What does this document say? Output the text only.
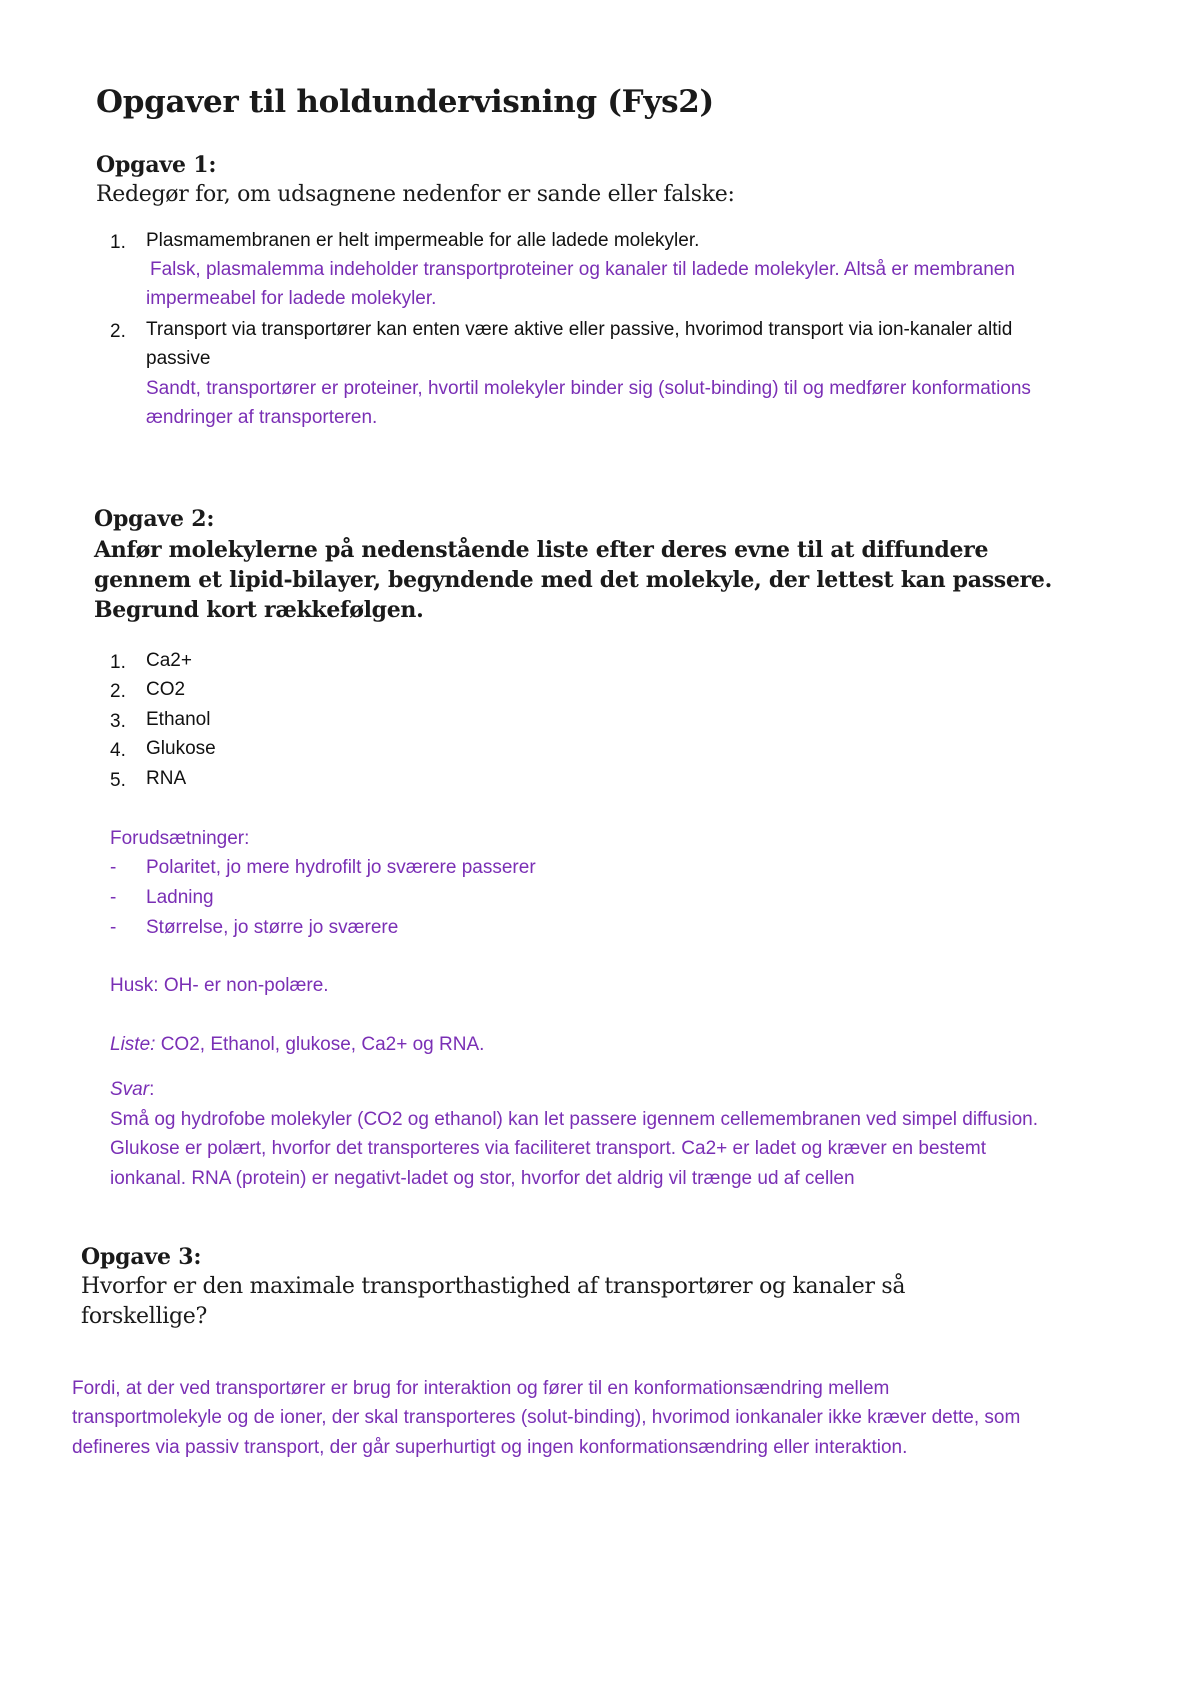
Opgaver til holdundervisning (Fys2)
Opgave 1:
Redegør for, om udsagnene nedenfor er sande eller falske:
1. Plasmamembranen er helt impermeable for alle ladede molekyler.
Falsk, plasmalemma indeholder transportproteiner og kanaler til ladede molekyler. Altså er membranen
impermeabel for ladede molekyler.
2. Transport via transportører kan enten være aktive eller passive, hvorimod transport via ion-kanaler altid
passive
Sandt, transportører er proteiner, hvortil molekyler binder sig (solut-binding) til og medfører konformations
ændringer af transporteren.
Opgave 2:
Anfør molekylerne på nedenstående liste efter deres evne til at diffundere
gennem et lipid-bilayer, begyndende med det molekyle, der lettest kan passere.
Begrund kort rækkefølgen.
1. Ca2+
2. CO2
3. Ethanol
4. Glukose
5. RNA
Forudsætninger:
- Polaritet, jo mere hydrofilt jo sværere passerer
- Ladning
- Størrelse, jo større jo sværere
Husk: OH- er non-polære.
Liste: CO2, Ethanol, glukose, Ca2+ og RNA.
Svar:
Små og hydrofobe molekyler (CO2 og ethanol) kan let passere igennem cellemembranen ved simpel diffusion.
Glukose er polært, hvorfor det transporteres via faciliteret transport. Ca2+ er ladet og kræver en bestemt
ionkanal. RNA (protein) er negativt-ladet og stor, hvorfor det aldrig vil trænge ud af cellen
Opgave 3:
Hvorfor er den maximale transporthastighed af transportører og kanaler så
forskellige?
Fordi, at der ved transportører er brug for interaktion og fører til en konformationsændring mellem
transportmolekyle og de ioner, der skal transporteres (solut-binding), hvorimod ionkanaler ikke kræver dette, som
defineres via passiv transport, der går superhurtigt og ingen konformationsændring eller interaktion.
